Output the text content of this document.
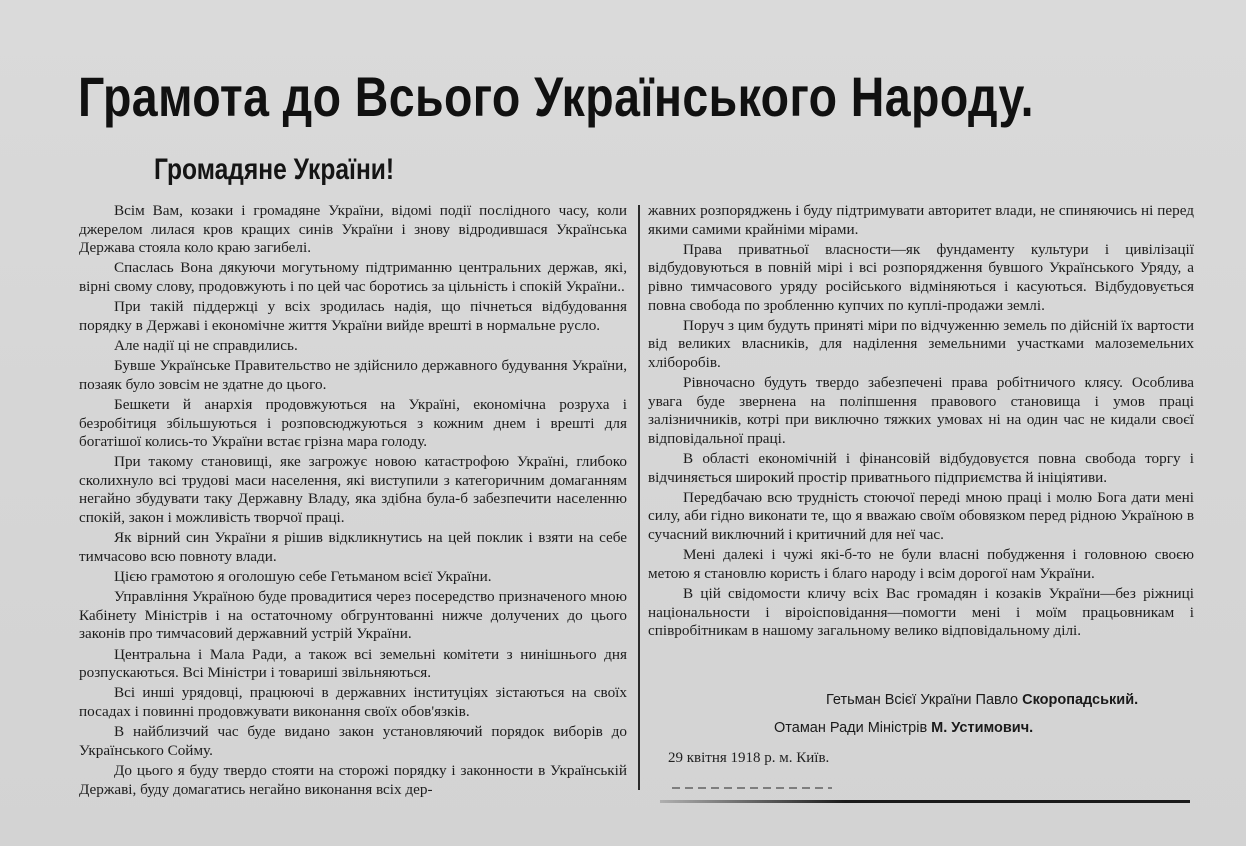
Грамота до Всього Українського Народу.
Громадяне України!

Всім Вам, козаки і громадяне України, відомі події послідного часу, коли джерелом лилася кров кращих синів України і знову відродившася Українська Держава стояла коло краю загибелі.

Спаслась Вона дякуючи могутьному підтриманню центральних держав, які, вірні свому слову, продовжують і по цей час боротись за цільність і спокій України..

При такій піддержці у всіх зродилась надія, що пічнеться відбудовання порядку в Державі і економічне життя України вийде врешті в нормальне русло.

Але надії ці не справдились.

Бувше Українське Правительство не здійснило державного будування України, позаяк було зовсім не здатне до цього.

Бешкети й анархія продовжуються на Україні, економічна розруха і безробітиця збільшуються і розповсюджуються з кожним днем і врешті для богатішої колись-то України встає грізна мара голоду.

При такому становищі, яке загрожує новою катастрофою Україні, глибоко сколихнуло всі трудові маси населення, які виступили з категоричним домаганням негайно збудувати таку Державну Владу, яка здібна була-б забезпечити населенню спокій, закон і можливість творчої праці.

Як вірний син України я рішив відкликнутись на цей поклик і взяти на себе тимчасово всю повноту влади.

Цією грамотою я оголошую себе Гетьманом всієї України.

Управління Україною буде провадитися через посередство призначеного мною Кабінету Міністрів і на остаточному обгрунтованні нижче долучених до цього законів про тимчасовий державний устрій України.

Центральна і Мала Ради, а також всі земельні комітети з нинішнього дня розпускаються. Всі Міністри і товариші звільняються.

Всі инші урядовці, працюючі в державних інституціях зістаються на своїх посадах і повинні продовжувати виконання своїх обов'язків.

В найблизчий час буде видано закон установляючий порядок виборів до Українського Сойму.

До цього я буду твердо стояти на сторожі порядку і законности в Українській Державі, буду домагатись негайно виконання всіх дер-

жавних розпоряджень і буду підтримувати авторитет влади, не спиняючись ні перед якими самими крайніми мірами.

Права приватньої власности—як фундаменту культури і цивілізації відбудовуються в повній мірі і всі розпорядження бувшого Українського Уряду, а рівно тимчасового уряду російського відміняються і касуються. Відбудовується повна свобода по зробленню купчих по куплі-продажи землі.

Поруч з цим будуть приняті міри по відчуженню земель по дійсній їх вартости від великих власників, для наділення земельними участками малоземельних хліборобів.

Рівночасно будуть твердо забезпечені права робітничого клясу. Особлива увага буде звернена на поліпшення правового становища і умов праці залізничників, котрі при виключно тяжких умовах ні на один час не кидали своєї відповідальної праці.

В області економічній і фінансовій відбудовуєтся повна свобода торгу і відчиняється широкий простір приватнього підприємства й ініціятиви.

Передбачаю всю трудність стоючої переді мною праці і молю Бога дати мені силу, аби гідно виконати те, що я вважаю своїм обовязком перед рідною Україною в сучасний виключний і критичний для неї час.

Мені далекі і чужі які-б-то не були власні побудження і головною своєю метою я становлю користь і благо народу і всім дорогої нам України.

В цій свідомости кличу всіх Вас громадян і козаків України—без ріжниці національности і віроісповідання—помогти мені і моїм працьовникам і співробітникам в нашому загальному велико відповідальному ділі.

Гетьман Всієї України Павло Скоропадський.
Отаман Ради Міністрів М. Устимович.
29 квітня 1918 р. м. Київ.
